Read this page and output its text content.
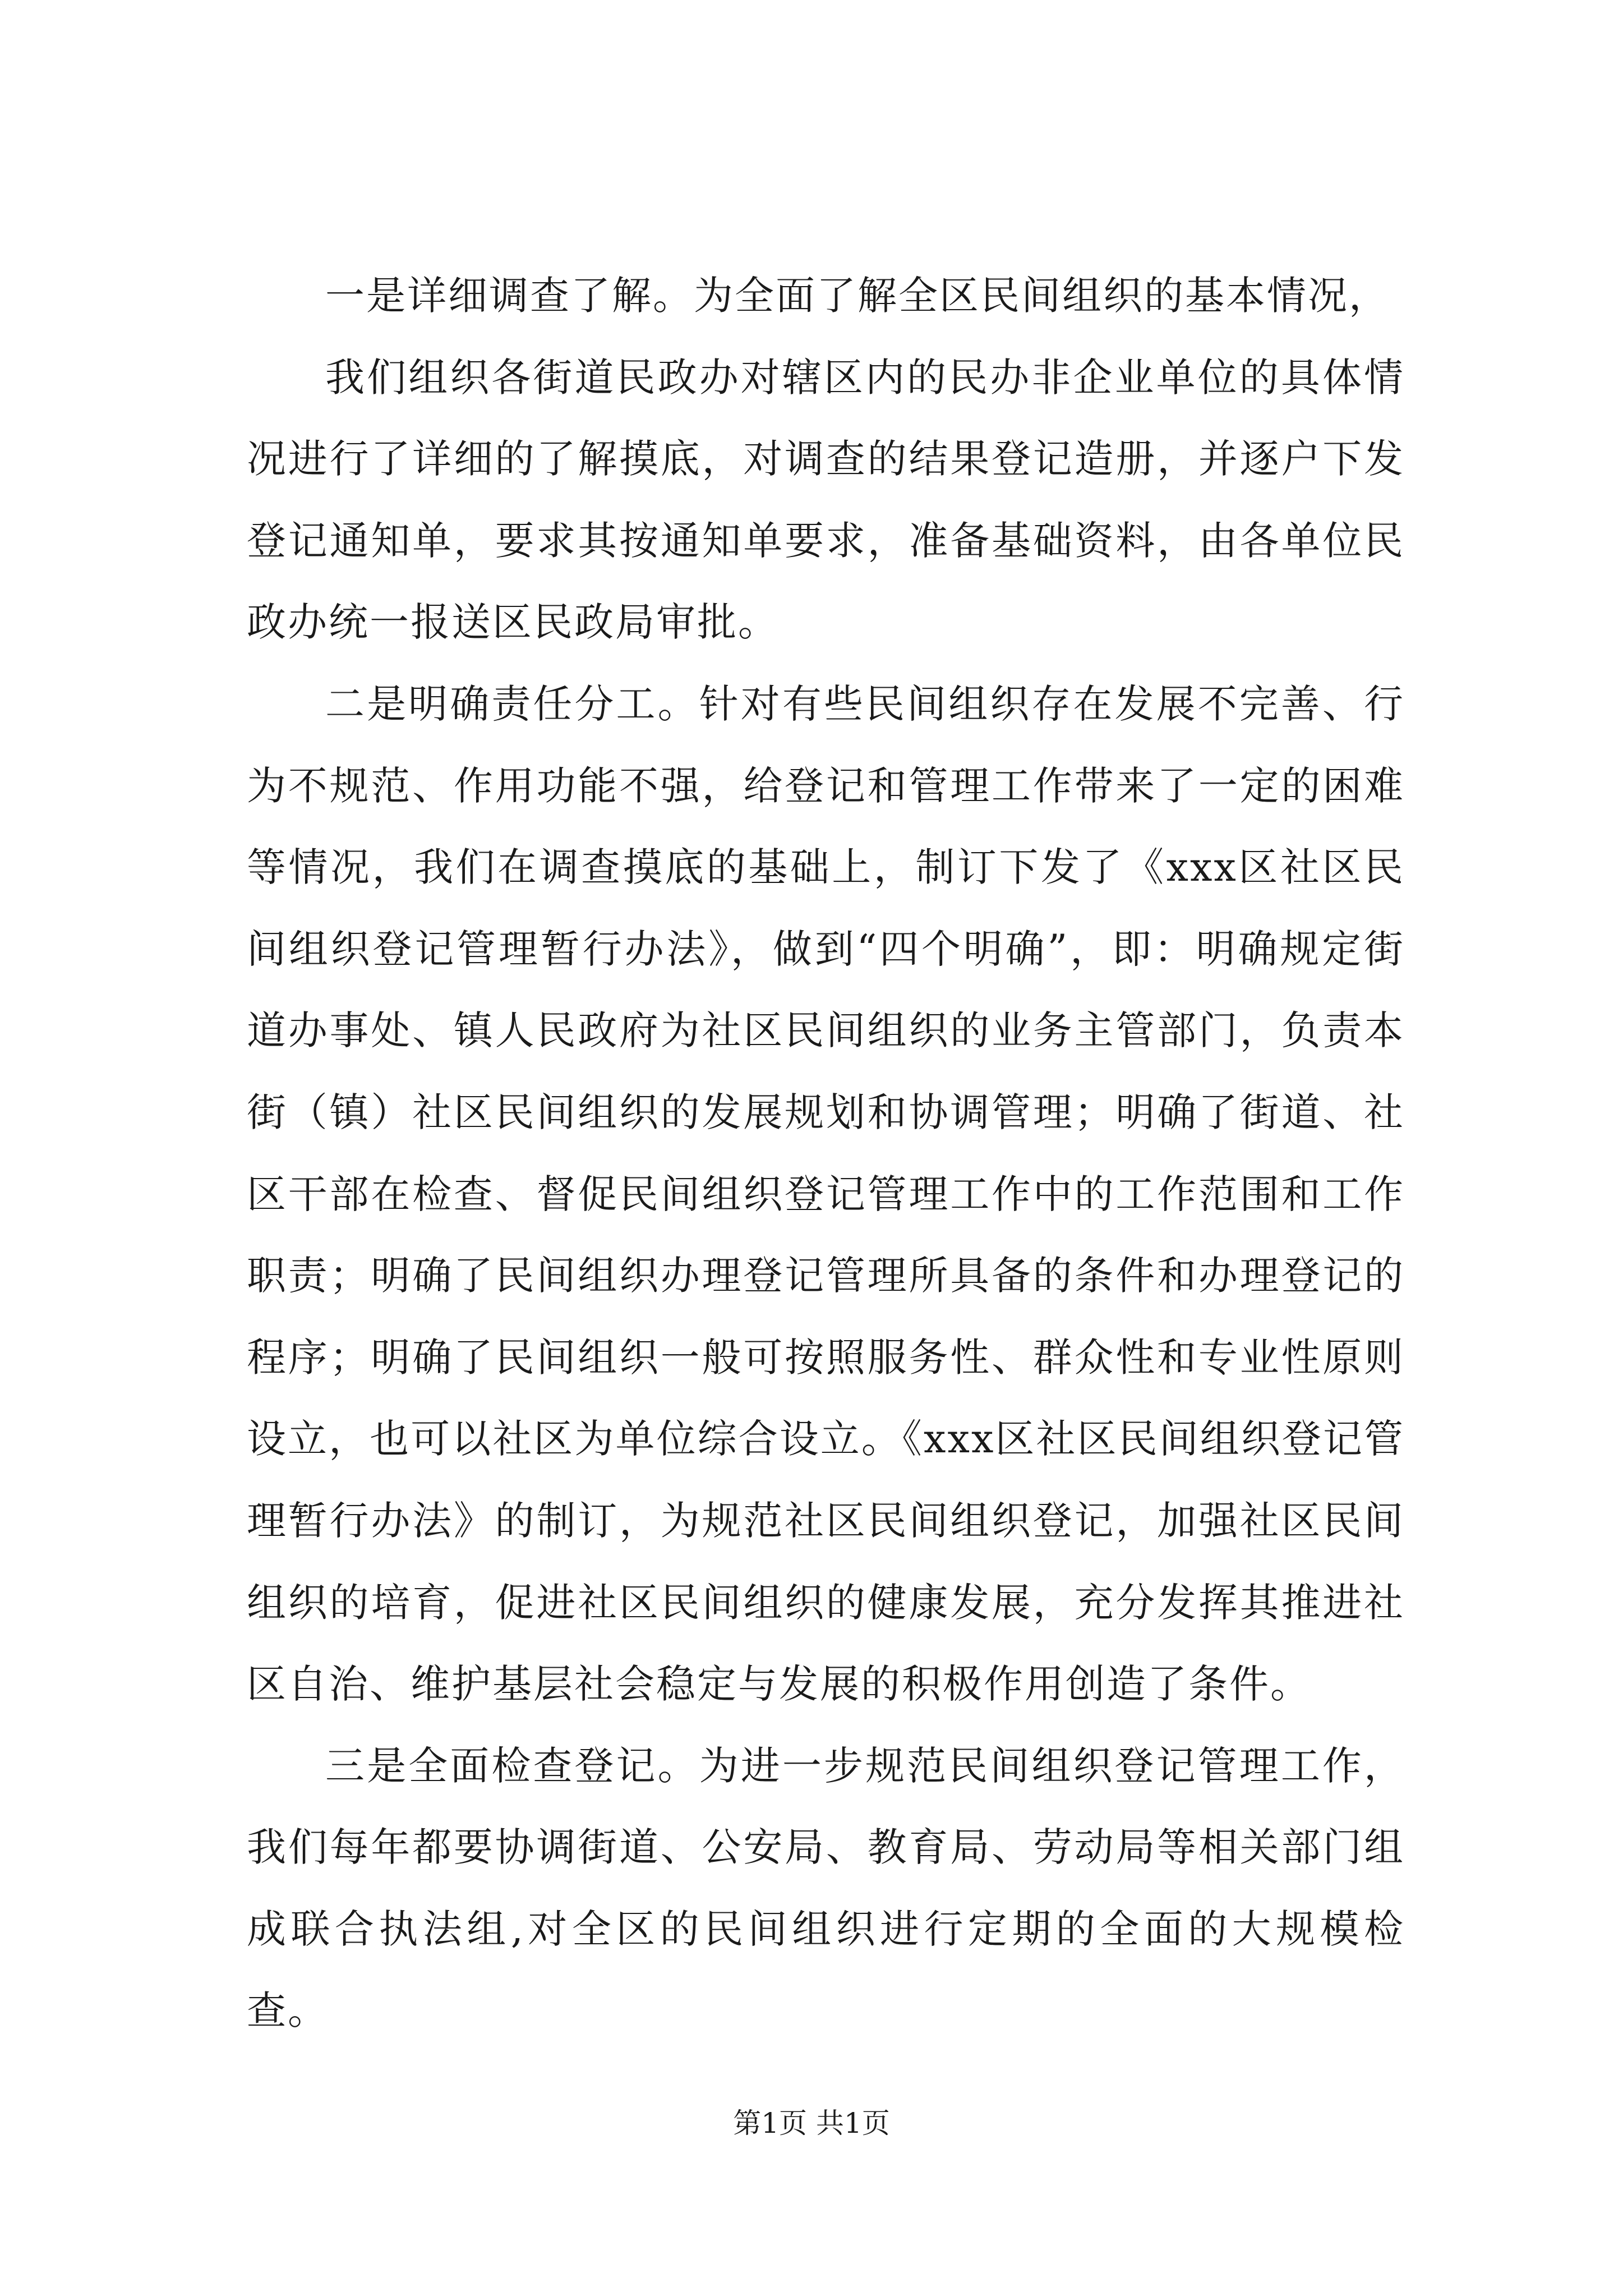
一是详细调查了解。为全面了解全区民间组织的基本情况，

我们组织各街道民政办对辖区内的民办非企业单位的具体情况进行了详细的了解摸底，对调查的结果登记造册，并逐户下发登记通知单，要求其按通知单要求，准备基础资料，由各单位民政办统一报送区民政局审批。

二是明确责任分工。针对有些民间组织存在发展不完善、行为不规范、作用功能不强，给登记和管理工作带来了一定的困难等情况，我们在调查摸底的基础上，制订下发了《xxx区社区民间组织登记管理暂行办法》，做到“四个明确”，即：明确规定街道办事处、镇人民政府为社区民间组织的业务主管部门，负责本街（镇）社区民间组织的发展规划和协调管理；明确了街道、社区干部在检查、督促民间组织登记管理工作中的工作范围和工作职责；明确了民间组织办理登记管理所具备的条件和办理登记的程序；明确了民间组织一般可按照服务性、群众性和专业性原则设立，也可以社区为单位综合设立。《xxx区社区民间组织登记管理暂行办法》的制订，为规范社区民间组织登记，加强社区民间组织的培育，促进社区民间组织的健康发展，充分发挥其推进社区自治、维护基层社会稳定与发展的积极作用创造了条件。

三是全面检查登记。为进一步规范民间组织登记管理工作，我们每年都要协调街道、公安局、教育局、劳动局等相关部门组成联合执法组,对全区的民间组织进行定期的全面的大规模检查。

第1页 共1页
